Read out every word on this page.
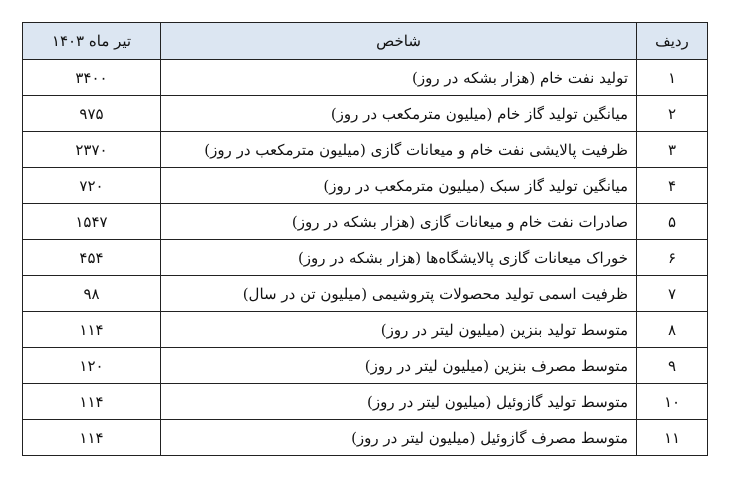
ردیف	شاخص	تیر ماه ۱۴۰۳
۱	تولید نفت خام (هزار بشکه در روز)	۳۴۰۰
۲	میانگین تولید گاز خام (میلیون مترمکعب در روز)	۹۷۵
۳	ظرفیت پالایشی نفت خام و میعانات گازی (میلیون مترمکعب در روز)	۲۳۷۰
۴	میانگین تولید گاز سبک (میلیون مترمکعب در روز)	۷۲۰
۵	صادرات نفت خام و میعانات گازی (هزار بشکه در روز)	۱۵۴۷
۶	خوراک میعانات گازی پالایشگاه‌ها (هزار بشکه در روز)	۴۵۴
۷	ظرفیت اسمی تولید محصولات پتروشیمی (میلیون تن در سال)	۹۸
۸	متوسط تولید بنزین (میلیون لیتر در روز)	۱۱۴
۹	متوسط مصرف بنزین (میلیون لیتر در روز)	۱۲۰
۱۰	متوسط تولید گازوئیل (میلیون لیتر در روز)	۱۱۴
۱۱	متوسط مصرف گازوئیل (میلیون لیتر در روز)	۱۱۴
